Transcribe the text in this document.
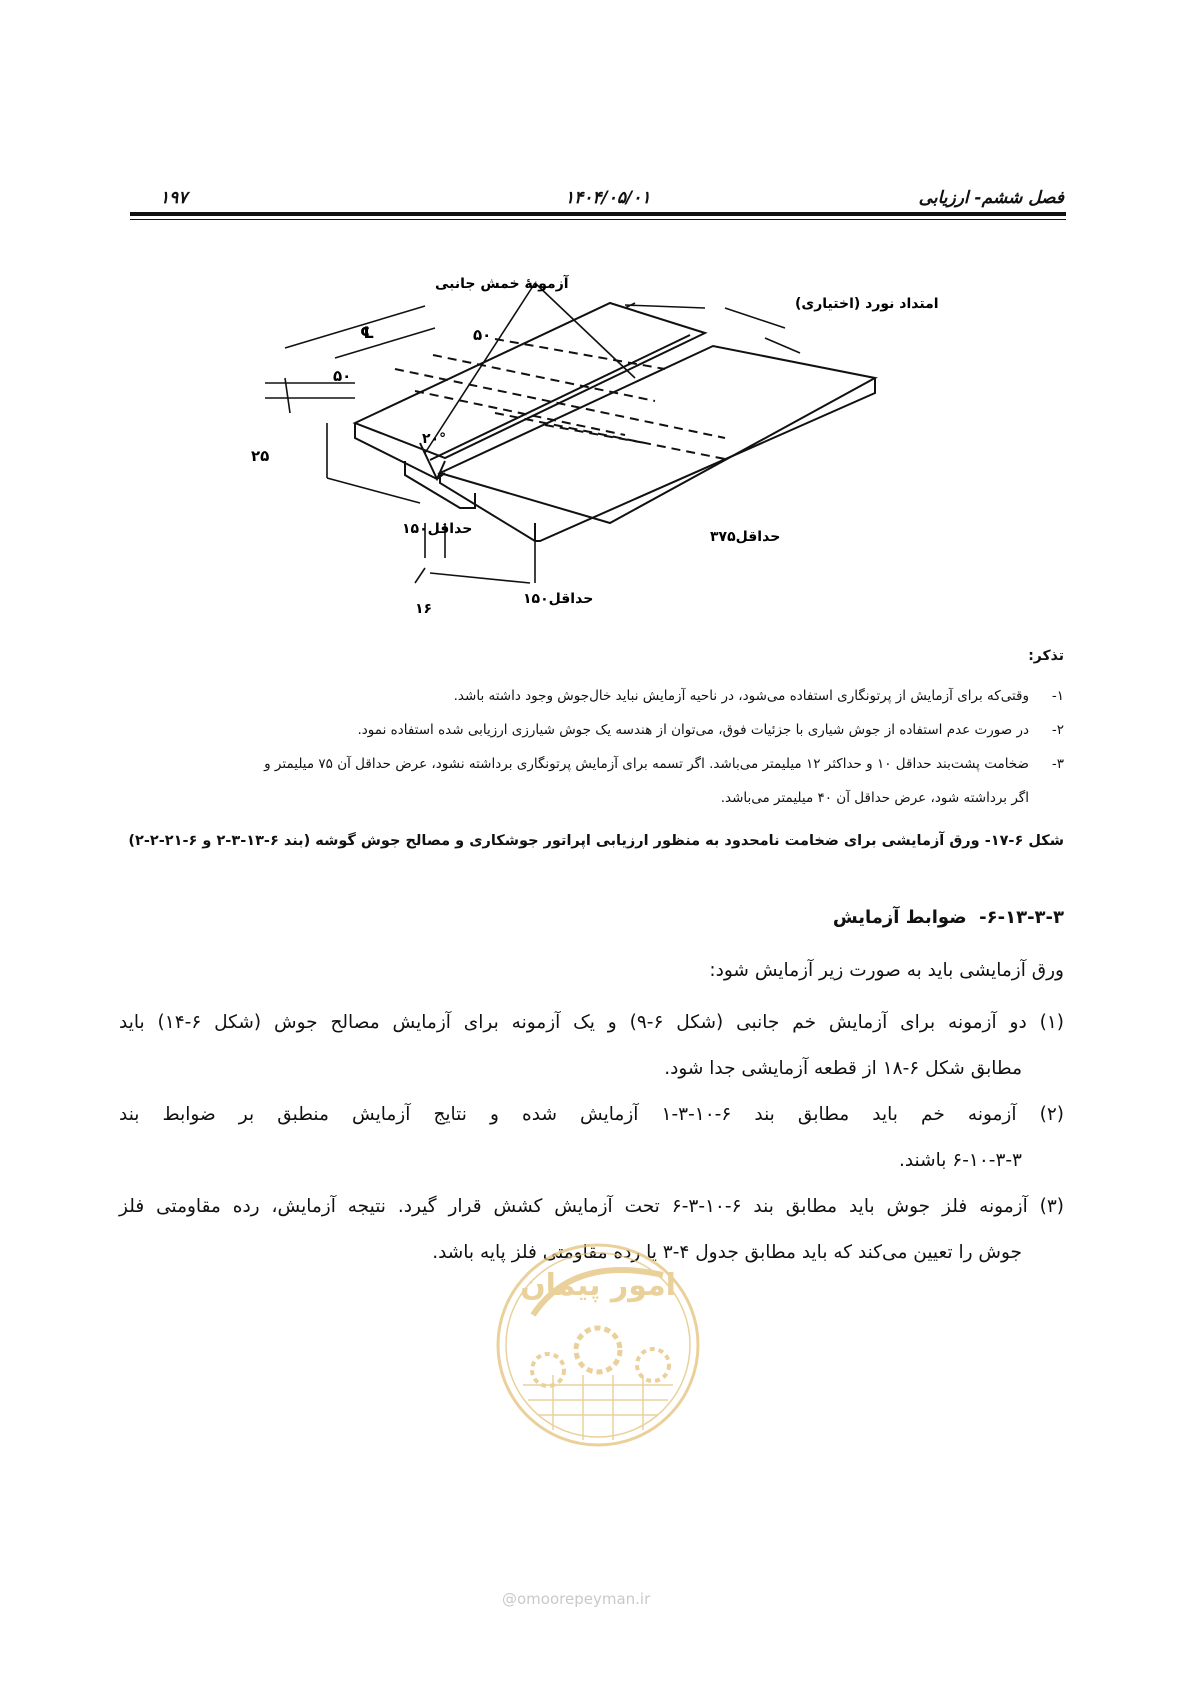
فصل ششم- ارزیابی
۱۴۰۴/۰۵/۰۱
۱۹۷
آزمونهٔ خمش جانبی
امتداد نورد (اختیاری)
℄	۵۰
۵۰
۲۵
۲۰°
حداقل۱۵۰	حداقل۳۷۵
حداقل۱۵۰
۱۶
تذکر:
۱-وقتی‌که برای آزمایش از پرتونگاری استفاده می‌شود، در ناحیه آزمایش نباید خال‌جوش وجود داشته باشد.
۲-در صورت عدم استفاده از جوش شیاری با جزئیات فوق، می‌توان از هندسه یک جوش شیارزی ارزیابی شده استفاده نمود.
۳-ضخامت پشت‌بند حداقل ۱۰ و حداکثر ۱۲ میلیمتر می‌باشد. اگر تسمه برای آزمایش پرتونگاری برداشته نشود، عرض حداقل آن ۷۵ میلیمتر و
اگر برداشته شود، عرض حداقل آن ۴۰ میلیمتر می‌باشد.
شکل ۶-۱۷- ورق آزمایشی برای ضخامت نامحدود به منظور ارزیابی اپراتور جوشکاری و مصالح جوش گوشه (بند ۶-۱۳-۳-۲ و ۶-۲۱-۲-۲)
۶-۱۳-۳-۳-  ضوابط آزمایش
ورق آزمایشی باید به صورت زیر آزمایش شود:
(۱) دو آزمونه برای آزمایش خم جانبی (شکل ۶-۹) و یک آزمونه برای آزمایش مصالح جوش (شکل ۶-۱۴) باید
مطابق شکل ۶-۱۸ از قطعه آزمایشی جدا شود.
(۲) آزمونه خم باید مطابق بند ۶-۱۰-۳-۱ آزمایش شده و نتایج آزمایش منطبق بر ضوابط بند
۶-۱۰-۳-۳ باشند.
(۳) آزمونه فلز جوش باید مطابق بند ۶-۱۰-۳-۶ تحت آزمایش کشش قرار گیرد. نتیجه آزمایش، رده مقاومتی فلز
جوش را تعیین می‌کند که باید مطابق جدول ۴-۳ یا رده مقاومتی فلز پایه باشد.
امور پیمان
@omoorepeyman.ir
